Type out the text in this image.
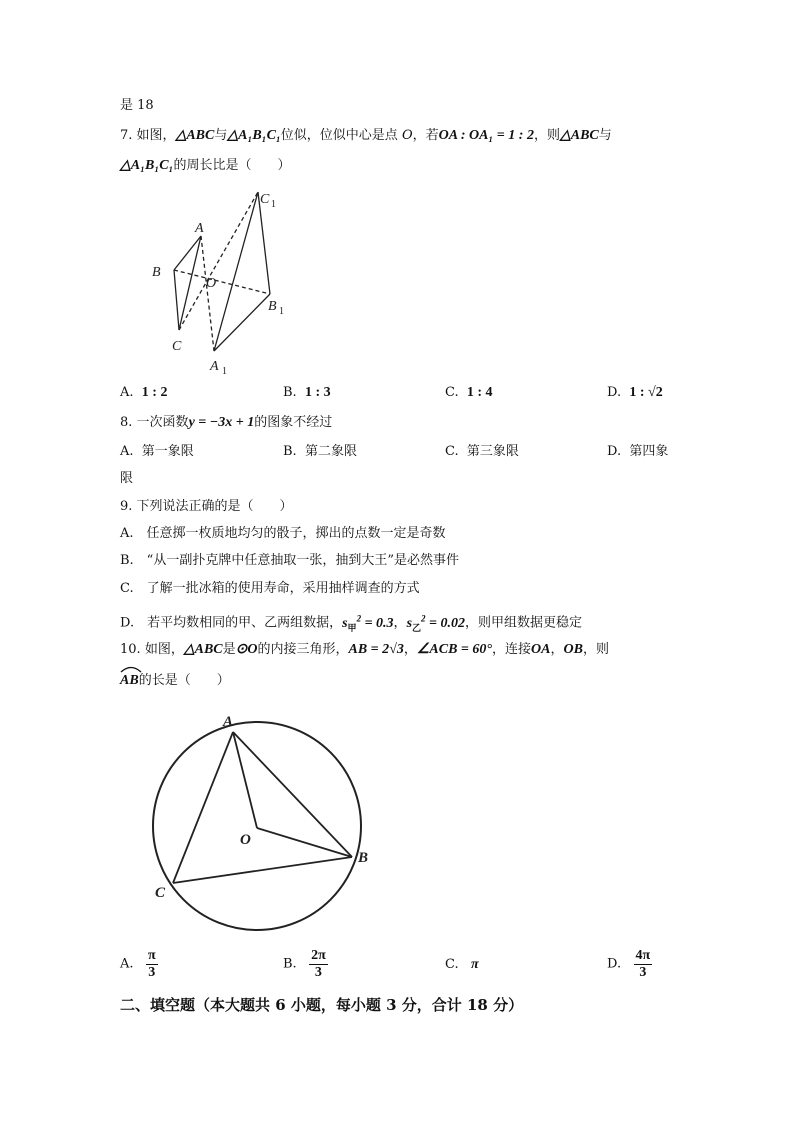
是 18
7. 如图，△ABC与△A₁B₁C₁位似，位似中心是点 O，若OA : OA₁ = 1 : 2，则△ABC与
△A₁B₁C₁的周长比是（　　）
A
B
C
O
A 1
B 1
C 1
A. 1 : 2	B. 1 : 3	C. 1 : 4	D. 1 : √2
8. 一次函数y = −3x + 1的图象不经过
A. 第一象限	B. 第二象限	C. 第三象限	D. 第四象
限
9. 下列说法正确的是（　　）
A.　任意掷一枚质地均匀的骰子，掷出的点数一定是奇数
B.　“从一副扑克牌中任意抽取一张，抽到大王”是必然事件
C.　了解一批冰箱的使用寿命，采用抽样调查的方式
D.　若平均数相同的甲、乙两组数据，$s_甲^2 = 0.3$，$s_乙^2 = 0.02$，则甲组数据更稳定
10. 如图，△ABC是⊙O的内接三角形，AB = 2√3，∠ACB = 60°，连接OA，OB，则
AB的长是（　　）
A
B
C
O
A. $\frac{\pi}{3}$	B. $\frac{2\pi}{3}$	C. π	D. $\frac{4\pi}{3}$
二、填空题（本大题共 6 小题，每小题 3 分，合计 18 分）
